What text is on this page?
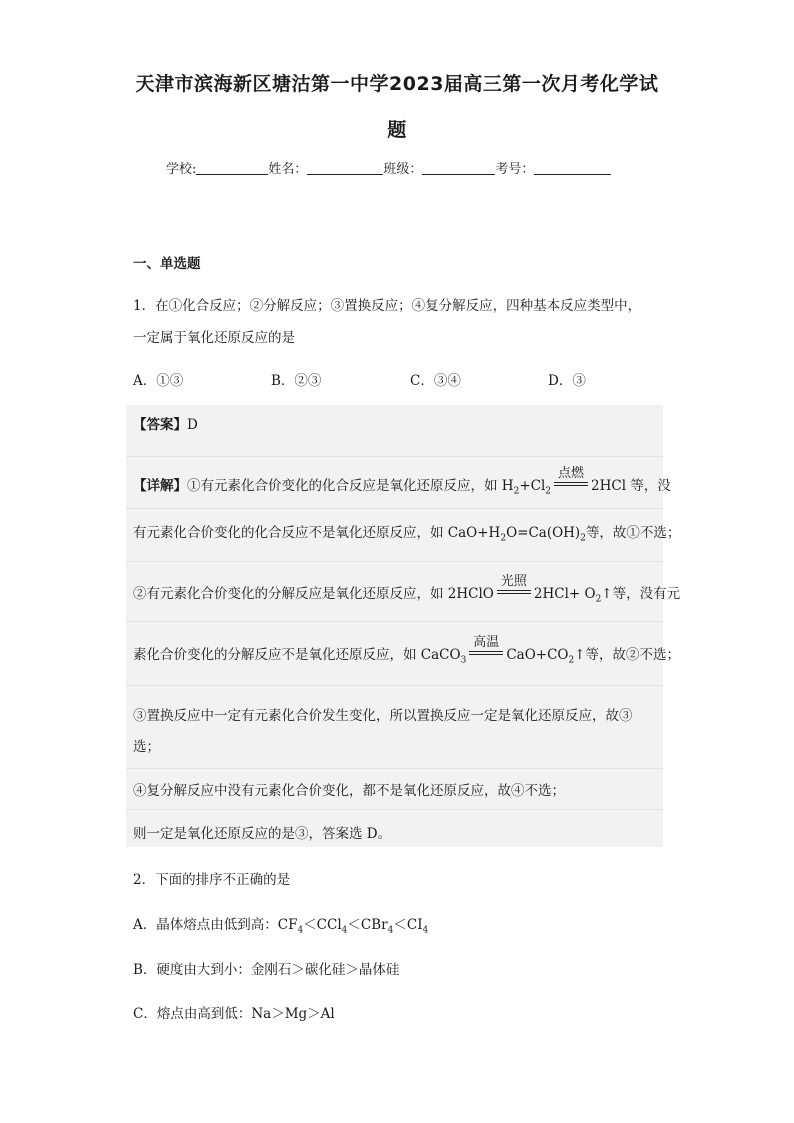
天津市滨海新区塘沽第一中学2023届高三第一次月考化学试
题
学校:	姓名：	班级：	考号：
一、单选题
1．在①化合反应；②分解反应；③置换反应；④复分解反应，四种基本反应类型中，
一定属于氧化还原反应的是
A．①③	B．②③	C．③④	D．③
【答案】D
【详解】①有元素化合价变化的化合反应是氧化还原反应，如 $H_2+Cl_2$
点燃
2HCl 等，没
有元素化合价变化的化合反应不是氧化还原反应，如 $CaO+H_2O=Ca(OH)_2$等，故①不选；
②有元素化合价变化的分解反应是氧化还原反应，如 2HClO
光照
$2HCl+ O_2↑$等，没有元
素化合价变化的分解反应不是氧化还原反应，如 CaCO$_3$
高温
$CaO+CO_2↑$等，故②不选；
③置换反应中一定有元素化合价发生变化，所以置换反应一定是氧化还原反应，故③
选；
④复分解反应中没有元素化合价变化，都不是氧化还原反应，故④不选；
则一定是氧化还原反应的是③，答案选 D。
2．下面的排序不正确的是
A．晶体熔点由低到高：$CF_4<CCl_4<CBr_4<CI_4$
B．硬度由大到小：金刚石＞碳化硅＞晶体硅
C．熔点由高到低：Na＞Mg＞Al
